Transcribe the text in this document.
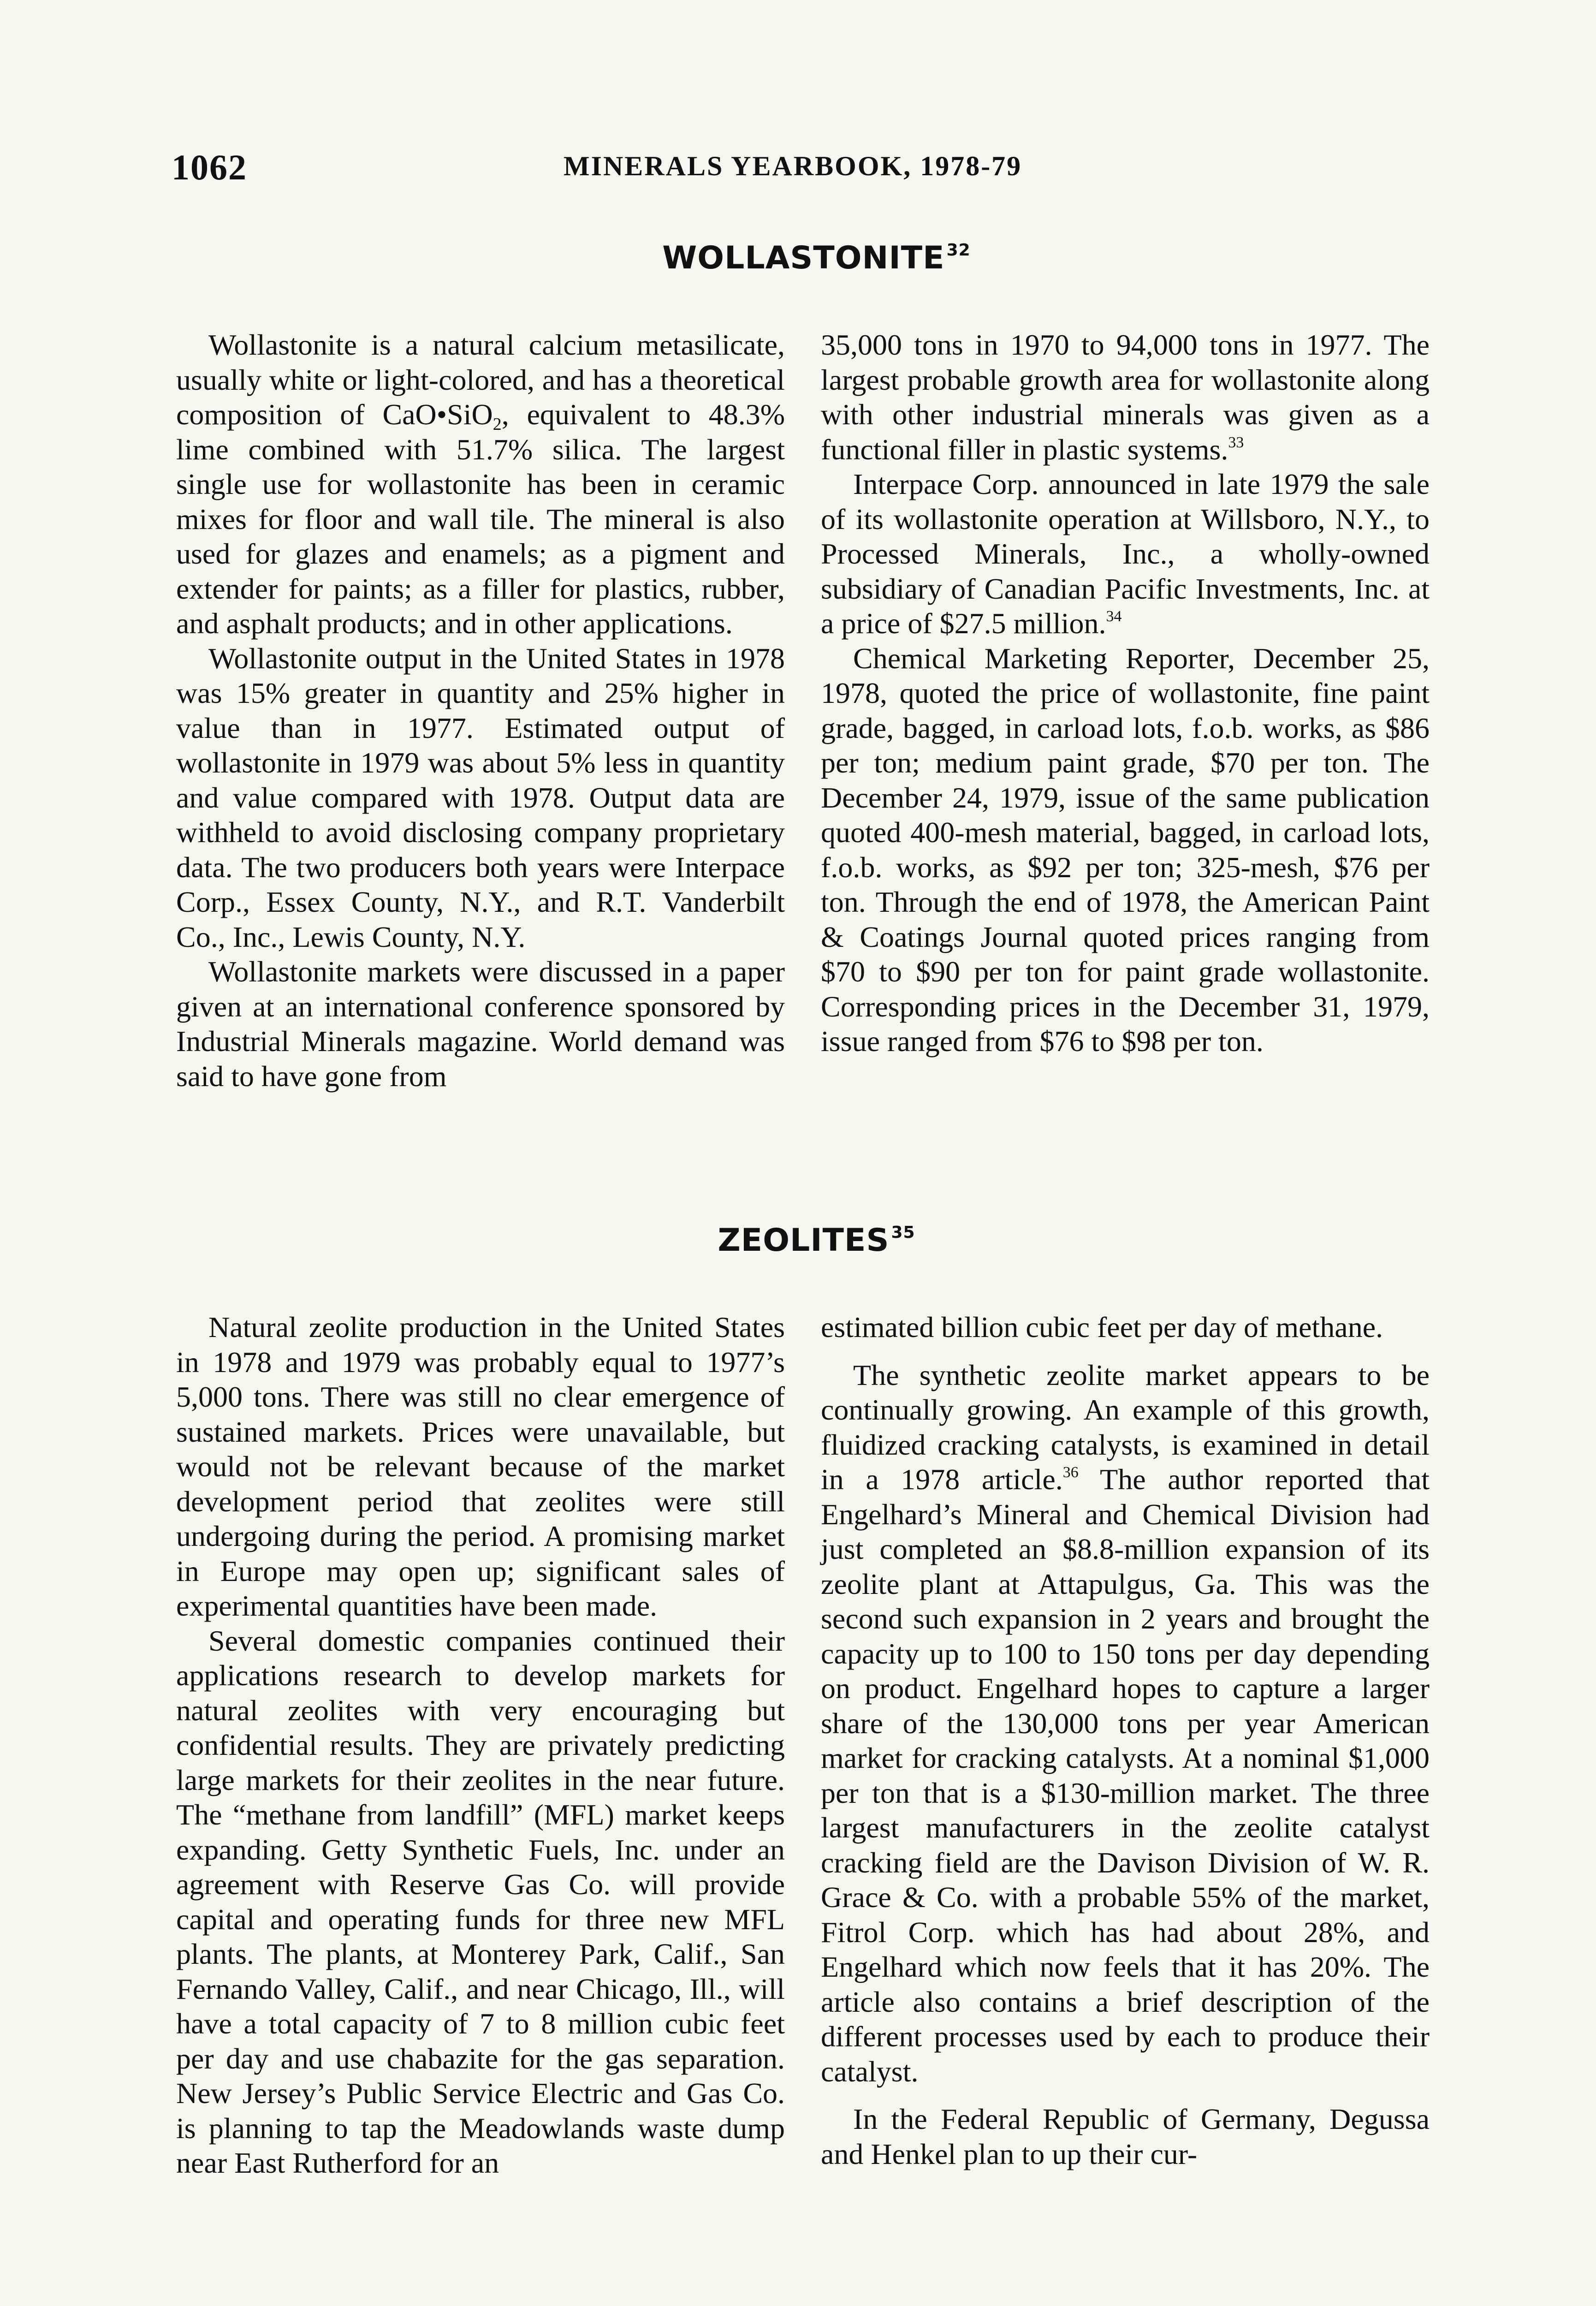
1062	MINERALS YEARBOOK, 1978-79
WOLLASTONITE $^{32}$

Wollastonite is a natural calcium metasilicate, usually white or light-colored, and has a theoretical composition of CaO•SiO$_2$, equivalent to 48.3% lime combined with 51.7% silica. The largest single use for wollastonite has been in ceramic mixes for floor and wall tile. The mineral is also used for glazes and enamels; as a pigment and extender for paints; as a filler for plastics, rubber, and asphalt products; and in other applications.

Wollastonite output in the United States in 1978 was 15% greater in quantity and 25% higher in value than in 1977. Estimated output of wollastonite in 1979 was about 5% less in quantity and value compared with 1978. Output data are withheld to avoid disclosing company proprietary data. The two producers both years were Interpace Corp., Essex County, N.Y., and R.T. Vanderbilt Co., Inc., Lewis County, N.Y.

Wollastonite markets were discussed in a paper given at an international conference sponsored by Industrial Minerals magazine. World demand was said to have gone from

35,000 tons in 1970 to 94,000 tons in 1977. The largest probable growth area for wollastonite along with other industrial minerals was given as a functional filler in plastic systems.$^{33}$

Interpace Corp. announced in late 1979 the sale of its wollastonite operation at Willsboro, N.Y., to Processed Minerals, Inc., a wholly-owned subsidiary of Canadian Pacific Investments, Inc. at a price of $27.5 million.$^{34}$

Chemical Marketing Reporter, December 25, 1978, quoted the price of wollastonite, fine paint grade, bagged, in carload lots, f.o.b. works, as $86 per ton; medium paint grade, $70 per ton. The December 24, 1979, issue of the same publication quoted 400-mesh material, bagged, in carload lots, f.o.b. works, as $92 per ton; 325-mesh, $76 per ton. Through the end of 1978, the American Paint & Coatings Journal quoted prices ranging from $70 to $90 per ton for paint grade wollastonite. Corresponding prices in the December 31, 1979, issue ranged from $76 to $98 per ton.

ZEOLITES $^{35}$

Natural zeolite production in the United States in 1978 and 1979 was probably equal to 1977’s 5,000 tons. There was still no clear emergence of sustained markets. Prices were unavailable, but would not be relevant because of the market development period that zeolites were still undergoing during the period. A promising market in Europe may open up; significant sales of experimental quantities have been made.

Several domestic companies continued their applications research to develop markets for natural zeolites with very encouraging but confidential results. They are privately predicting large markets for their zeolites in the near future. The “methane from landfill” (MFL) market keeps expanding. Getty Synthetic Fuels, Inc. under an agreement with Reserve Gas Co. will provide capital and operating funds for three new MFL plants. The plants, at Monterey Park, Calif., San Fernando Valley, Calif., and near Chicago, Ill., will have a total capacity of 7 to 8 million cubic feet per day and use chabazite for the gas separation. New Jersey’s Public Service Electric and Gas Co. is planning to tap the Meadowlands waste dump near East Rutherford for an

estimated billion cubic feet per day of methane.

The synthetic zeolite market appears to be continually growing. An example of this growth, fluidized cracking catalysts, is examined in detail in a 1978 article.$^{36}$ The author reported that Engelhard’s Mineral and Chemical Division had just completed an $8.8-million expansion of its zeolite plant at Attapulgus, Ga. This was the second such expansion in 2 years and brought the capacity up to 100 to 150 tons per day depending on product. Engelhard hopes to capture a larger share of the 130,000 tons per year American market for cracking catalysts. At a nominal $1,000 per ton that is a $130-million market. The three largest manufacturers in the zeolite catalyst cracking field are the Davison Division of W. R. Grace & Co. with a probable 55% of the market, Fitrol Corp. which has had about 28%, and Engelhard which now feels that it has 20%. The article also contains a brief description of the different processes used by each to produce their catalyst.

In the Federal Republic of Germany, Degussa and Henkel plan to up their cur-
